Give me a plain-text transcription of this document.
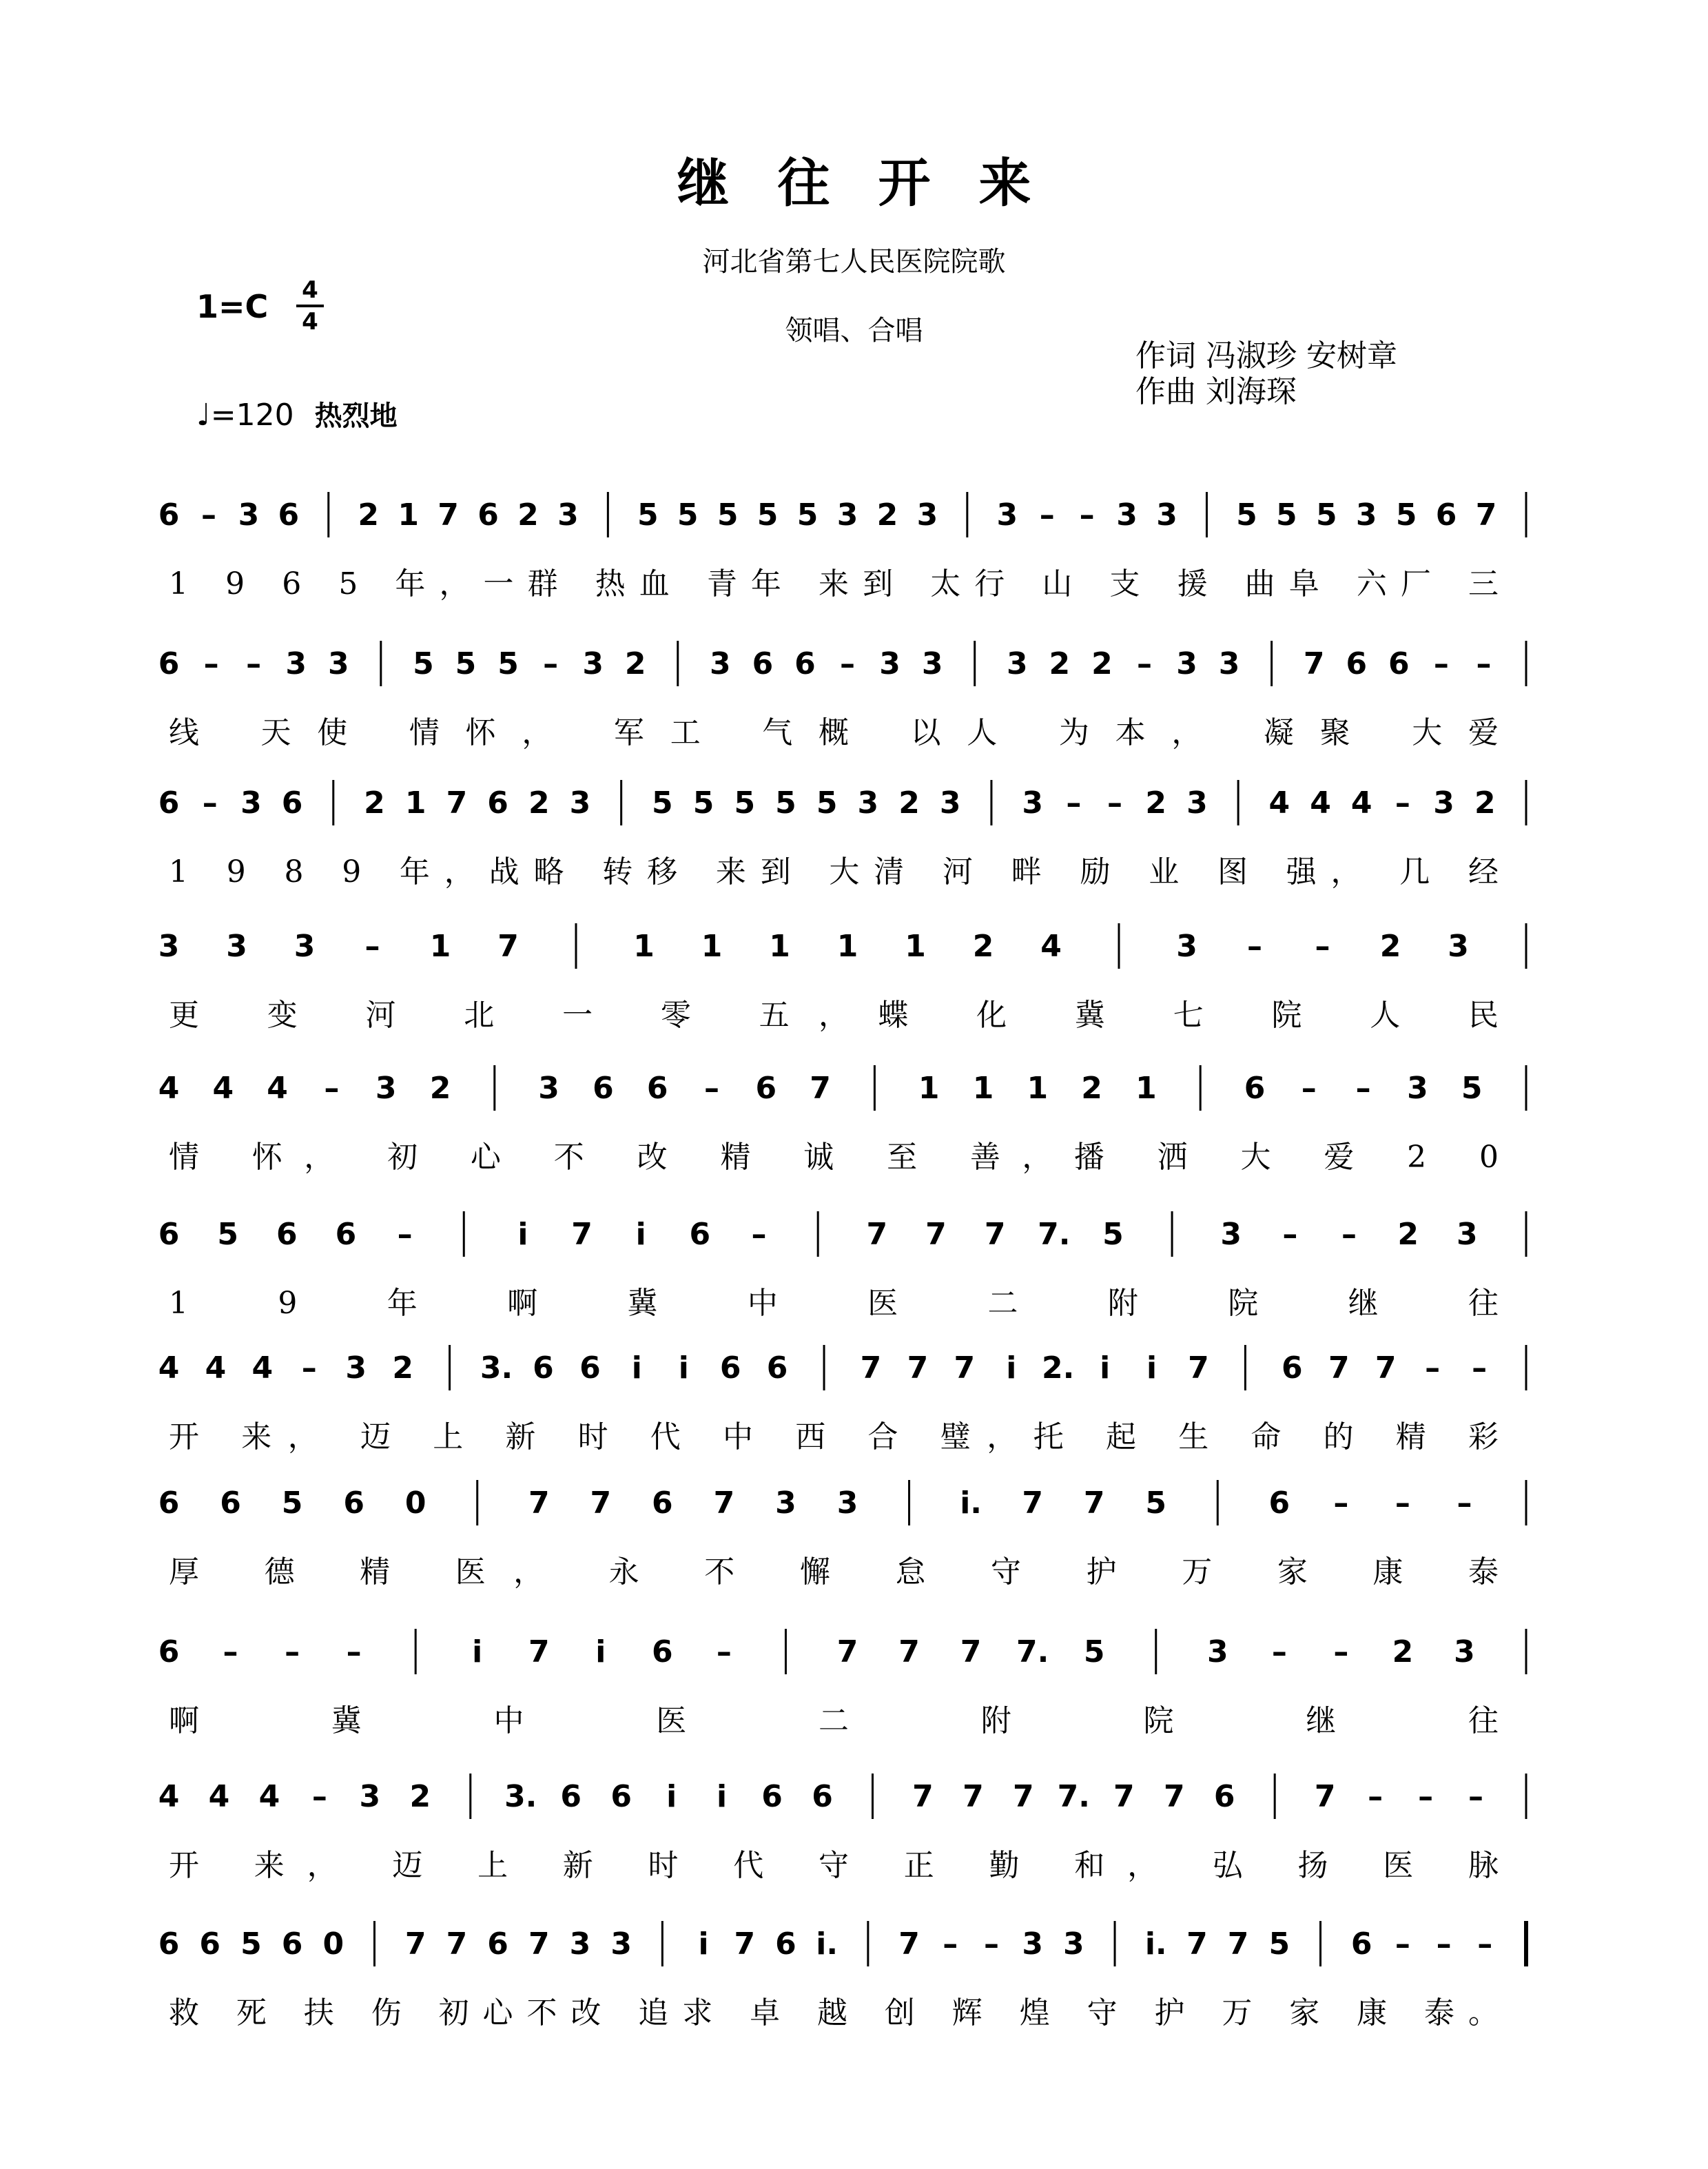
继往开来
河北省第七人民医院院歌
领唱、合唱
作词 冯淑珍 安树章
作曲 刘海琛
1=C 4
4
♩=120 热烈地
6 – 3 6 2 1 7 6 2 3 5 5 5 5 5 3 2 3 3 – – 3 3 5 5 5 3 5 6 7
1 9 6 5 年，一群 热血 青年 来到 太行 山 支 援 曲阜 六厂 三
6 – – 3 3 5 5 5 – 3 2 3 6 6 – 3 3 3 2 2 – 3 3 7 6 6 – –
线 天使 情怀， 军工 气概 以人 为本， 凝聚 大爱
6 – 3 6 2 1 7 6 2 3 5 5 5 5 5 3 2 3 3 – – 2 3 4 4 4 – 3 2
1 9 8 9 年，战略 转移 来到 大清 河 畔 励 业 图 强， 几 经
3 3 3 – 1 7	1 1 1 1 1 2 4	3 – – 2 3
更 变 河 北 一 零 五，蝶 化 冀 七 院 人 民
4 4 4 – 3 2	3 6 6 – 6 7	1 1 1 2 1	6 – – 3 5
情 怀， 初 心 不 改 精 诚 至 善，播 洒 大 爱 2 0
6 5 6 6 –	i 7 i 6 –	7 7 7 7. 5	3 – – 2 3
1 9 年 啊 冀 中 医 二 附 院 继 往
4 4 4 – 3 2 3. 6 6 i i 6 6 7 7 7 i 2. i i 7 6 7 7 – –
开 来， 迈 上 新 时 代 中 西 合 璧，托 起 生 命 的 精 彩
6 6 5 6 0	7 7 6 7 3 3	i. 7 7 5	6 – – –
厚 德 精 医， 永 不 懈 怠 守 护 万 家 康 泰
6 – – –	i 7 i 6 –	7 7 7 7. 5	3 – – 2 3
啊 冀 中 医 二 附 院 继 往
4 4 4 – 3 2 3. 6 6 i i 6 6	7 7 7 7. 7 7 6	7 – – –
开 来， 迈 上 新 时 代 守 正 勤 和， 弘 扬 医 脉
6 6 5 6 0 7 7 6 7 3 3 i 7 6 i. 7 – – 3 3 i. 7 7 5 6 – – –
救 死 扶 伤 初心不改 追求 卓 越 创 辉 煌 守 护 万 家 康 泰。
